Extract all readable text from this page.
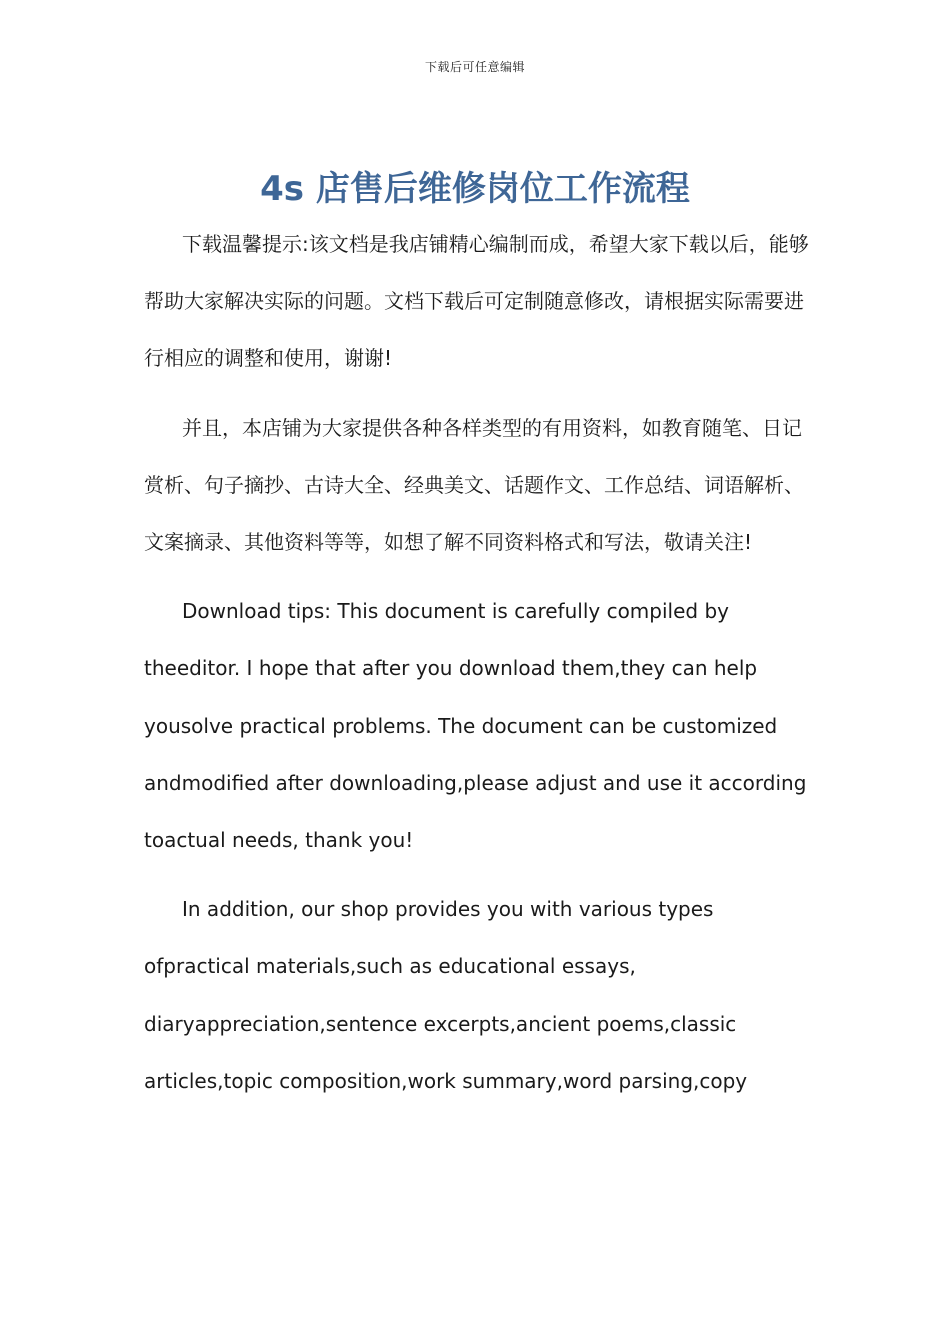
下载后可任意编辑
4s 店售后维修岗位工作流程

下载温馨提示:该文档是我店铺精心编制而成，希望大家下载以后，能够帮助大家解决实际的问题。文档下载后可定制随意修改，请根据实际需要进行相应的调整和使用，谢谢!

并且，本店铺为大家提供各种各样类型的有用资料，如教育随笔、日记赏析、句子摘抄、古诗大全、经典美文、话题作文、工作总结、词语解析、文案摘录、其他资料等等，如想了解不同资料格式和写法，敬请关注!

Download tips: This document is carefully compiled by
theeditor. I hope that after you download them,they can help
yousolve practical problems. The document can be customized
andmodified after downloading,please adjust and use it according
toactual needs, thank you!

In addition, our shop provides you with various types
ofpractical materials,such as educational essays,
diaryappreciation,sentence excerpts,ancient poems,classic
articles,topic composition,work summary,word parsing,copy
